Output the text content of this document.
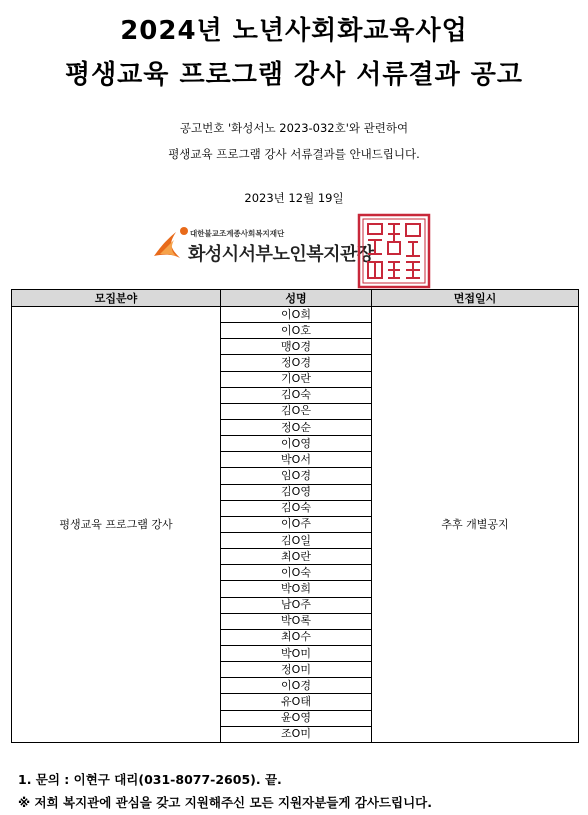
2024년 노년사회화교육사업
평생교육 프로그램 강사 서류결과 공고
공고번호 '화성서노 2023-032호'와 관련하여
평생교육 프로그램 강사 서류결과를 안내드립니다.
2023년 12월 19일
대한불교조계종사회복지재단
화성시서부노인복지관장
모집분야	성명	면접일시
평생교육 프로그램 강사	이O희	추후 개별공지
	이O호	
	맹O경	
	정O경	
	기O란	
	김O숙	
	김O은	
	정O순	
	이O영	
	박O서	
	임O경	
	김O영	
	김O숙	
	이O주	
	김O일	
	최O란	
	이O숙	
	박O희	
	남O주	
	박O록	
	최O수	
	박O미	
	정O미	
	이O경	
	유O태	
	윤O영	
	조O미	
1. 문의 : 이현구 대리(031-8077-2605). 끝.
※ 저희 복지관에 관심을 갖고 지원해주신 모든 지원자분들게 감사드립니다.
